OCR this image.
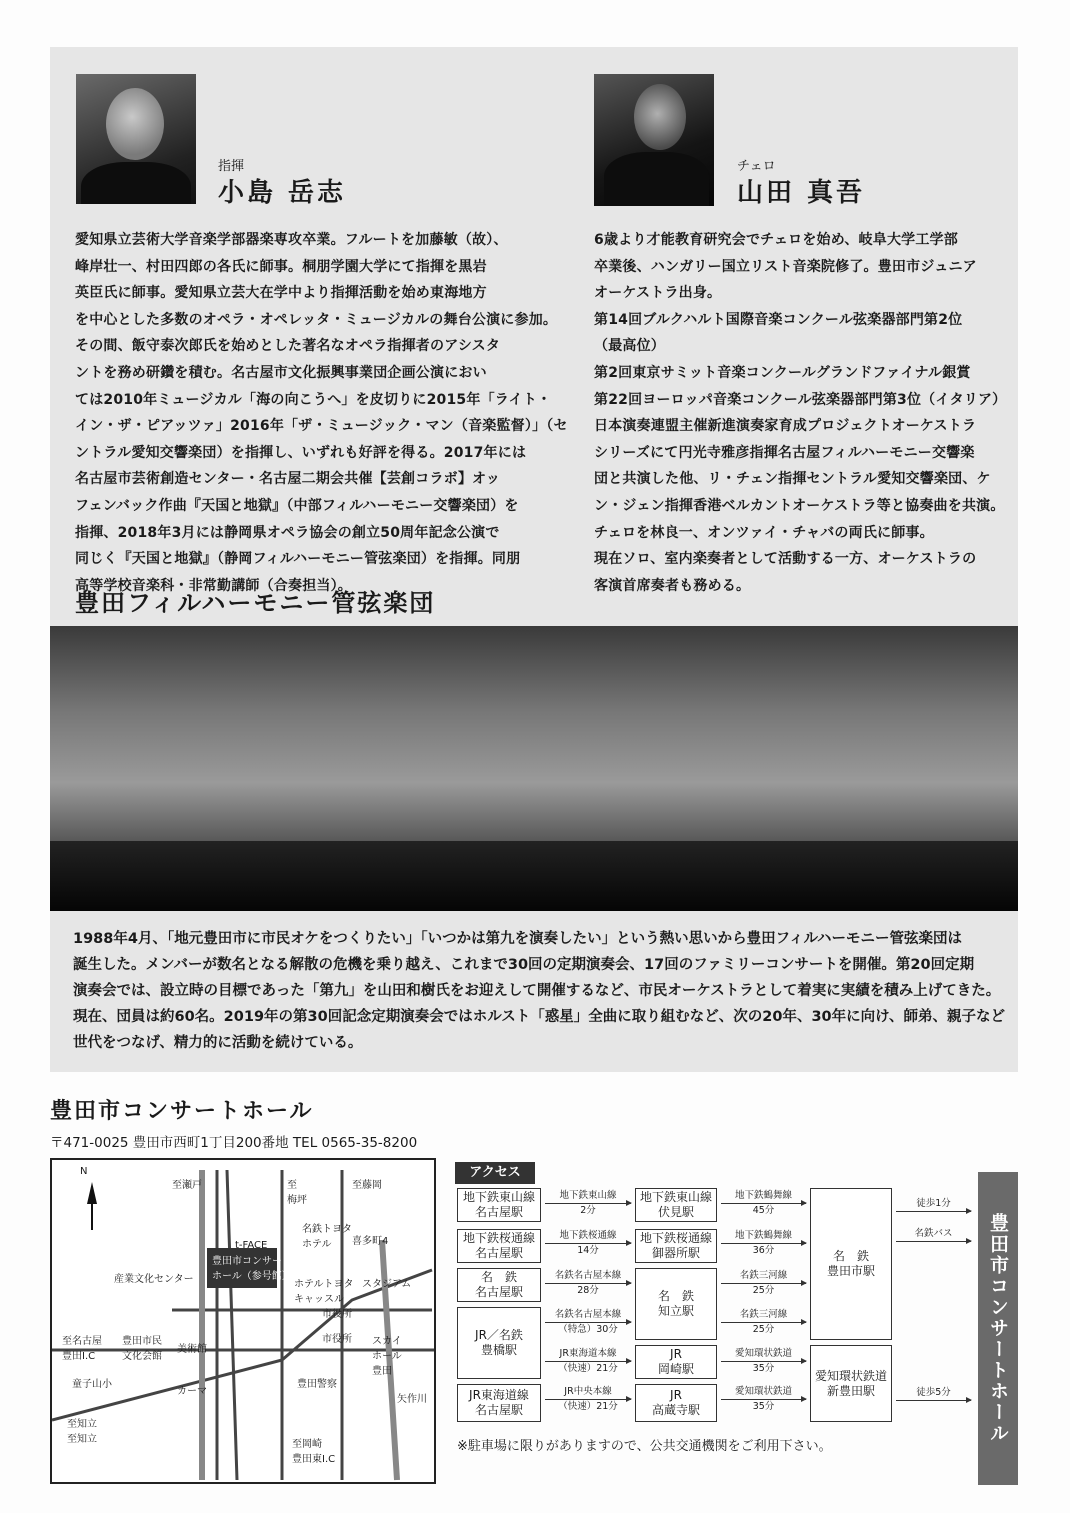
指揮
小島 岳志
愛知県立芸術大学音楽学部器楽専攻卒業。フルートを加藤敏（故）、
峰岸壮一、村田四郎の各氏に師事。桐朋学園大学にて指揮を黒岩
英臣氏に師事。愛知県立芸大在学中より指揮活動を始め東海地方
を中心とした多数のオペラ・オペレッタ・ミュージカルの舞台公演に参加。
その間、飯守泰次郎氏を始めとした著名なオペラ指揮者のアシスタ
ントを務め研鑽を積む。名古屋市文化振興事業団企画公演におい
ては2010年ミュージカル「海の向こうへ」を皮切りに2015年「ライト・
イン・ザ・ピアッツァ」2016年「ザ・ミュージック・マン（音楽監督）」（セ
ントラル愛知交響楽団）を指揮し、いずれも好評を得る。2017年には
名古屋市芸術創造センター・名古屋二期会共催【芸創コラボ】オッ
フェンバック作曲『天国と地獄』（中部フィルハーモニー交響楽団）を
指揮、2018年3月には静岡県オペラ協会の創立50周年記念公演で
同じく『天国と地獄』（静岡フィルハーモニー管弦楽団）を指揮。同朋
高等学校音楽科・非常勤講師（合奏担当）。
チェロ
山田 真吾
6歳より才能教育研究会でチェロを始め、岐阜大学工学部
卒業後、ハンガリー国立リスト音楽院修了。豊田市ジュニア
オーケストラ出身。
第14回ブルクハルト国際音楽コンクール弦楽器部門第2位
（最高位）
第2回東京サミット音楽コンクールグランドファイナル銀賞
第22回ヨーロッパ音楽コンクール弦楽器部門第3位（イタリア）
日本演奏連盟主催新進演奏家育成プロジェクトオーケストラ
シリーズにて円光寺雅彦指揮名古屋フィルハーモニー交響楽
団と共演した他、リ・チェン指揮セントラル愛知交響楽団、ケ
ン・ジェン指揮香港ベルカントオーケストラ等と協奏曲を共演。
チェロを林良一、オンツァイ・チャバの両氏に師事。
現在ソロ、室内楽奏者として活動する一方、オーケストラの
客演首席奏者も務める。
豊田フィルハーモニー管弦楽団
1988年4月、「地元豊田市に市民オケをつくりたい」「いつかは第九を演奏したい」という熱い思いから豊田フィルハーモニー管弦楽団は
誕生した。メンバーが数名となる解散の危機を乗り越え、これまで30回の定期演奏会、17回のファミリーコンサートを開催。第20回定期
演奏会では、設立時の目標であった「第九」を山田和樹氏をお迎えして開催するなど、市民オーケストラとして着実に実績を積み上げてきた。
現在、団員は約60名。2019年の第30回記念定期演奏会ではホルスト「惑星」全曲に取り組むなど、次の20年、30年に向け、師弟、親子など
世代をつなげ、精力的に活動を続けている。
豊田市コンサートホール
〒471-0025 豊田市西町1丁目200番地 TEL 0565-35-8200
N
至瀬戸	至
梅坪
至藤岡
名鉄トヨタ
ホテル	喜多町4
t-FACE
豊田市コンサート
ホール（参号館）
産業文化センター	ホテルトヨタ
キャッスル
スタジアム
市役所
市役所 スカイ
ホール
豊田
至名古屋
豊田I.C
豊田市民
文化会館
美術館
童子山小
カーマ
豊田警察
至知立
至知立	至岡崎
豊田東I.C
矢作川
アクセス
地下鉄東山線
名古屋駅
地下鉄桜通線
名古屋駅
名　鉄
名古屋駅
JR／名鉄
豊橋駅
JR東海道線
名古屋駅
地下鉄東山線
伏見駅
地下鉄桜通線
御器所駅
名　鉄
知立駅
JR
岡崎駅
JR
高蔵寺駅
名　鉄
豊田市駅
愛知環状鉄道
新豊田駅
地下鉄東山線
2分
地下鉄桜通線
14分
名鉄名古屋本線
28分
名鉄名古屋本線
（特急）30分
JR東海道本線
（快速）21分
JR中央本線
（快速）21分
地下鉄鶴舞線
45分
地下鉄鶴舞線
36分
名鉄三河線
25分
名鉄三河線
25分
愛知環状鉄道
35分
愛知環状鉄道
35分
徒歩1分
名鉄バス
徒歩5分
※駐車場に限りがありますので、公共交通機関をご利用下さい。
豊田市コンサートホール
